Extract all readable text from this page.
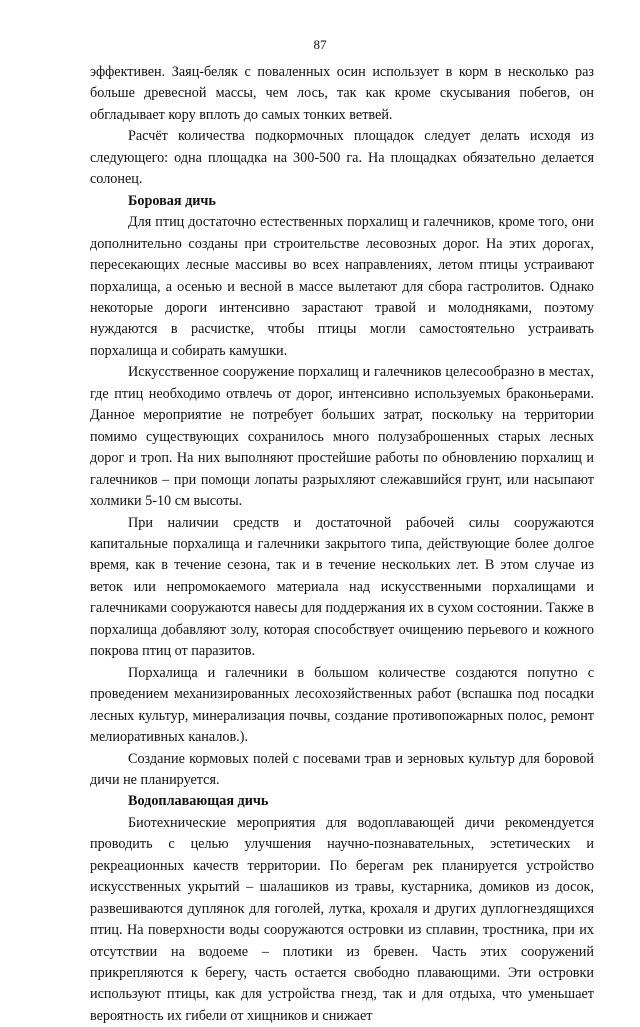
87

эффективен. Заяц-беляк с поваленных осин использует в корм в несколько раз больше древесной массы, чем лось, так как кроме скусывания побегов, он обгладывает кору вплоть до самых тонких ветвей.

Расчёт количества подкормочных площадок следует делать исходя из следующего: одна площадка на 300-500 га. На площадках обязательно делается солонец.

Боровая дичь

Для птиц достаточно естественных порхалищ и галечников, кроме того, они дополнительно созданы при строительстве лесовозных дорог. На этих дорогах, пересекающих лесные массивы во всех направлениях, летом птицы устраивают порхалища, а осенью и весной в массе вылетают для сбора гастролитов. Однако некоторые дороги интенсивно зарастают травой и молодняками, поэтому нуждаются в расчистке, чтобы птицы могли самостоятельно устраивать порхалища и собирать камушки.

Искусственное сооружение порхалищ и галечников целесообразно в местах, где птиц необходимо отвлечь от дорог, интенсивно используемых браконьерами. Данное мероприятие не потребует больших затрат, поскольку на территории помимо существующих сохранилось много полузаброшенных старых лесных дорог и троп. На них выполняют простейшие работы по обновлению порхалищ и галечников – при помощи лопаты разрыхляют слежавшийся грунт, или насыпают холмики 5-10 см высоты.

При наличии средств и достаточной рабочей силы сооружаются капитальные порхалища и галечники закрытого типа, действующие более долгое время, как в течение сезона, так и в течение нескольких лет. В этом случае из веток или непромокаемого материала над искусственными порхалищами и галечниками сооружаются навесы для поддержания их в сухом состоянии. Также в порхалища добавляют золу, которая способствует очищению перьевого и кожного покрова птиц от паразитов.

Порхалища и галечники в большом количестве создаются попутно с проведением механизированных лесохозяйственных работ (вспашка под посадки лесных культур, минерализация почвы, создание противопожарных полос, ремонт мелиоративных каналов.).

Создание кормовых полей с посевами трав и зерновых культур для боровой дичи не планируется.

Водоплавающая дичь

Биотехнические мероприятия для водоплавающей дичи рекомендуется проводить с целью улучшения научно-познавательных, эстетических и рекреационных качеств территории. По берегам рек планируется устройство искусственных укрытий – шалашиков из травы, кустарника, домиков из досок, развешиваются дуплянок для гоголей, лутка, крохаля и других дуплогнездящихся птиц. На поверхности воды сооружаются островки из сплавин, тростника, при их отсутствии на водоеме – плотики из бревен. Часть этих сооружений прикрепляются к берегу, часть остается свободно плавающими. Эти островки используют птицы, как для устройства гнезд, так и для отдыха, что уменьшает вероятность их гибели от хищников и снижает
